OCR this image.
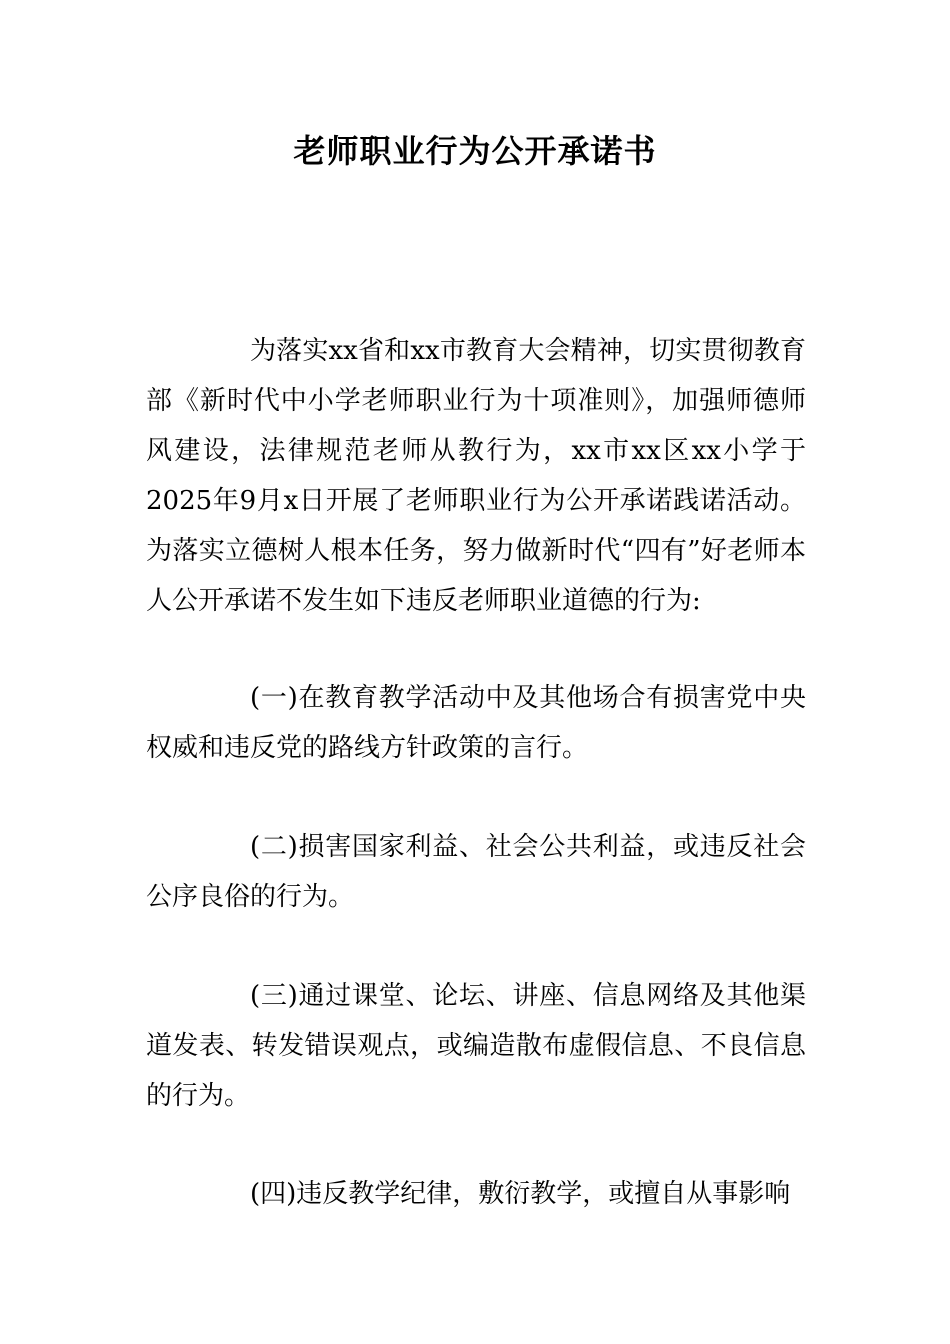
老师职业行为公开承诺书

为落实xx省和xx市教育大会精神，切实贯彻教育部《新时代中小学老师职业行为十项准则》，加强师德师风建设，法律规范老师从教行为，xx市xx区xx小学于2025年9月x日开展了老师职业行为公开承诺践诺活动。为落实立德树人根本任务，努力做新时代“四有”好老师本人公开承诺不发生如下违反老师职业道德的行为:

(一)在教育教学活动中及其他场合有损害党中央权威和违反党的路线方针政策的言行。

(二)损害国家利益、社会公共利益，或违反社会公序良俗的行为。

(三)通过课堂、论坛、讲座、信息网络及其他渠道发表、转发错误观点，或编造散布虚假信息、不良信息的行为。

(四)违反教学纪律，敷衍教学，或擅自从事影响
